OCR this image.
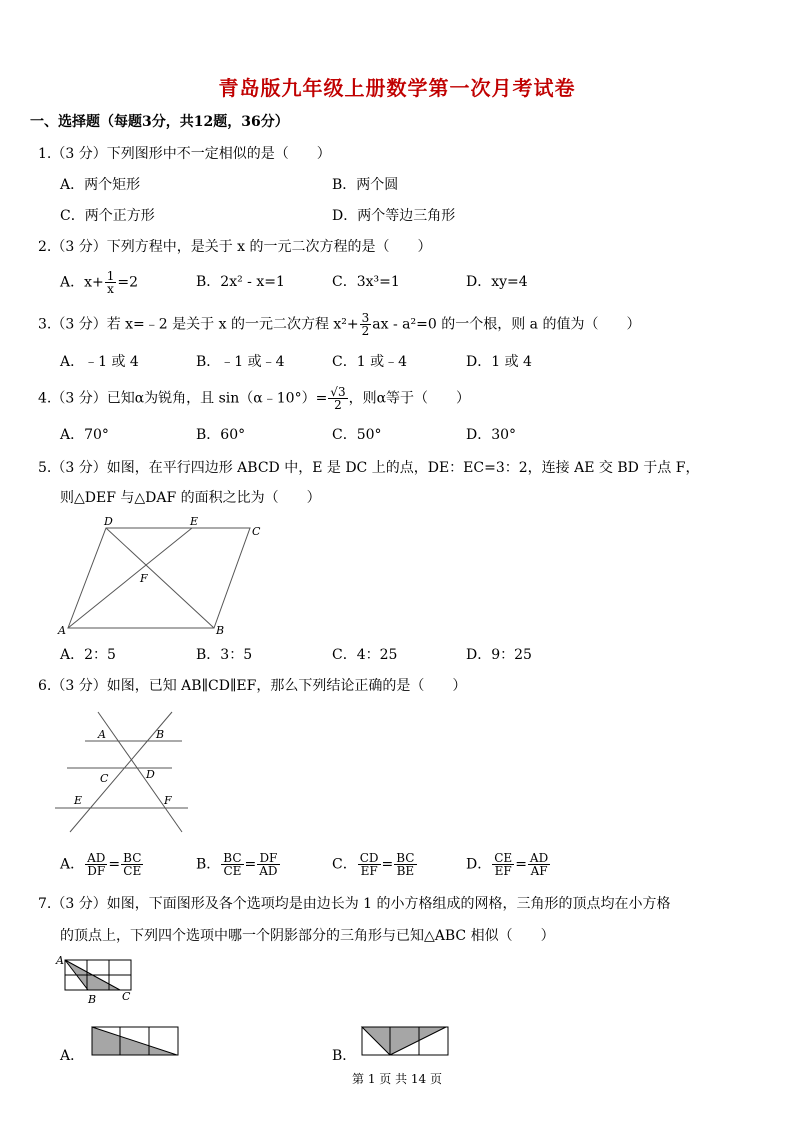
青岛版九年级上册数学第一次月考试卷
一、选择题（每题3分，共12题，36分）
1.（3 分）下列图形中不一定相似的是（　　）
A．两个矩形	B．两个圆
C．两个正方形	D．两个等边三角形
2.（3 分）下列方程中，是关于 x 的一元二次方程的是（　　）
A．$x+ \frac{1}{x} =2$	B．2x² - x=1	C．3x³=1	D．xy=4
3.（3 分）若 x=﹣2 是关于 x 的一元二次方程 $x^2+ \frac{3}{2}$ ax - a²=0 的一个根，则 a 的值为（　　）
A．﹣1 或 4	B．﹣1 或﹣4	C．1 或﹣4	D．1 或 4
4.（3 分）已知α为锐角，且 sin（α﹣10°）= $\frac{√3}{2}$ ，则α等于（　　）
A．70°	B．60°	C．50°	D．30°
5.（3 分）如图，在平行四边形 ABCD 中，E 是 DC 上的点，DE：EC=3：2，连接 AE 交 BD 于点 F，
则△DEF 与△DAF 的面积之比为（　　）
D	E
C
F
A	B
A．2：5	B．3：5	C．4：25	D．9：25
6.（3 分）如图，已知 AB∥CD∥EF，那么下列结论正确的是（　　）
A	B
C	D
E	F
A． $\frac{AD}{DF} = \frac{BC}{CE}$	B． $\frac{BC}{CE} = \frac{DF}{AD}$	C． $\frac{CD}{EF} = \frac{BC}{BE}$	D． $\frac{CE}{EF} = \frac{AD}{AF}$
7.（3 分）如图，下面图形及各个选项均是由边长为 1 的小方格组成的网格，三角形的顶点均在小方格
的顶点上，下列四个选项中哪一个阴影部分的三角形与已知△ABC 相似（　　）
A
B C
A．	B．
第 1 页 共 14 页
